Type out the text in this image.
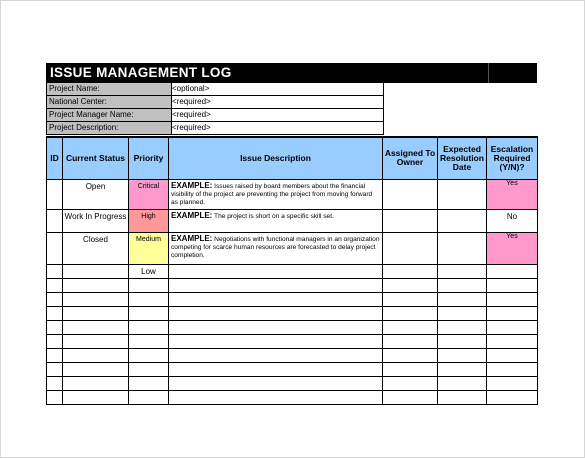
ISSUE MANAGEMENT LOG
Project Name:	<optional>
National Center:	<required>
Project Manager Name:	<required>
Project Description:	<required>
ID	Current Status	Priority	Issue Description	Assigned To Owner	Expected Resolution Date	Escalation Required (Y/N)?
	Open	Critical	EXAMPLE: Issues raised by board members about the financial visibility of the project are preventing the project from moving forward as planned.			Yes
	Work In Progress	High	EXAMPLE: The project is short on a specific skill set.			No
	Closed	Medium	EXAMPLE: Negotiations with functional managers in an organization competing for scarce human resources are forecasted to delay project completion.			Yes
		Low				
